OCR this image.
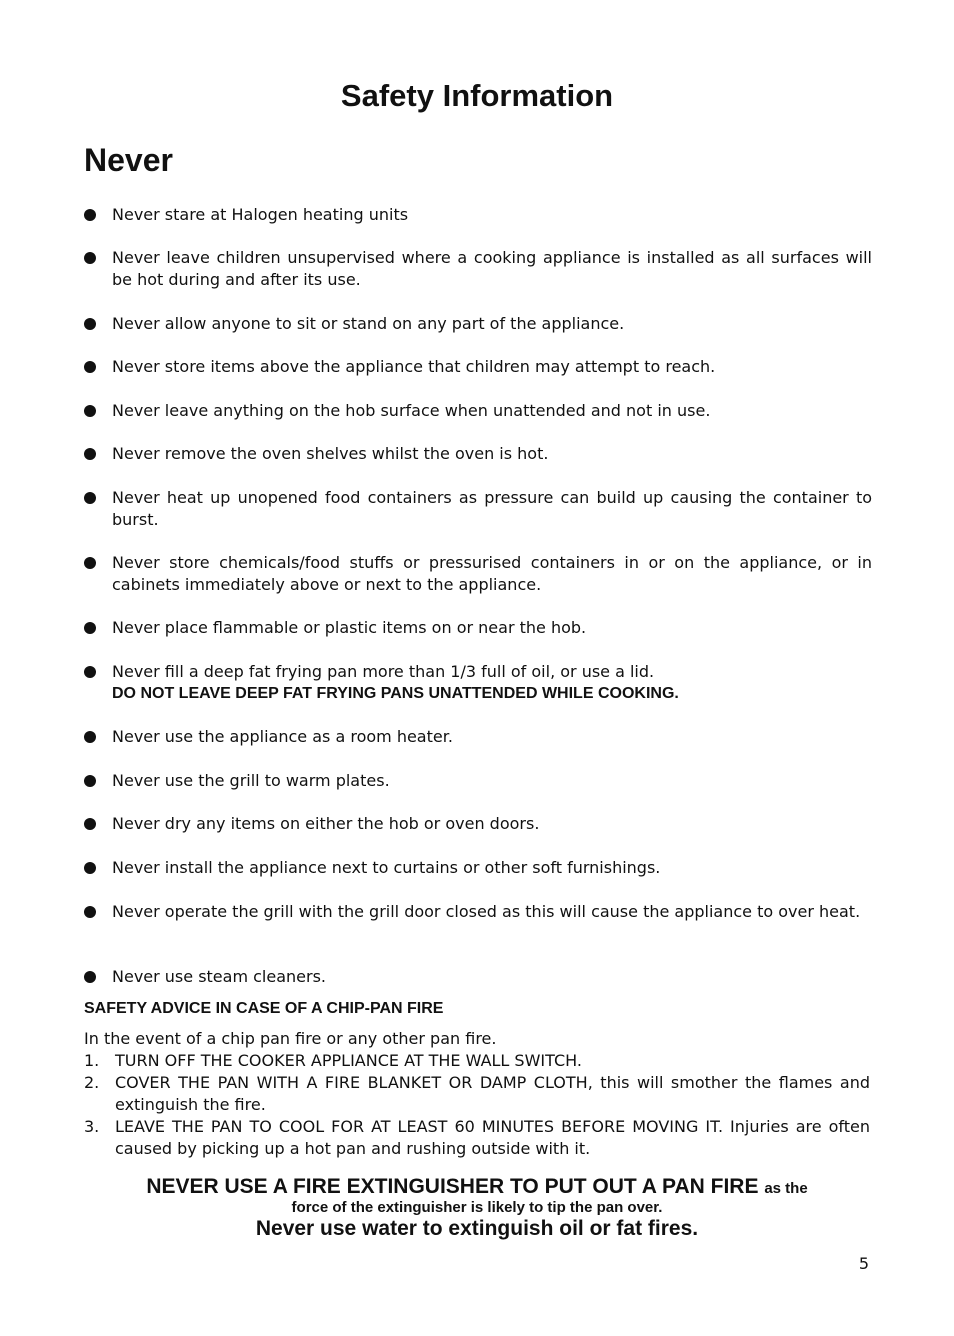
Safety Information
Never
Never stare at Halogen heating units
Never leave children unsupervised where a cooking appliance is installed as all surfaces will be hot during and after its use.
Never allow anyone to sit or stand on any part of the appliance.
Never store items above the appliance that children may attempt to reach.
Never leave anything on the hob surface when unattended and not in use.
Never remove the oven shelves whilst the oven is hot.
Never heat up unopened food containers as pressure can build up causing the container to burst.
Never store chemicals/food stuffs or pressurised containers in or on the appliance, or in cabinets immediately above or next to the appliance.
Never place flammable or plastic items on or near the hob.
Never fill a deep fat frying pan more than 1/3 full of oil, or use a lid.
DO NOT LEAVE DEEP FAT FRYING PANS UNATTENDED WHILE COOKING.
Never use the appliance as a room heater.
Never use the grill to warm plates.
Never dry any items on either the hob or oven doors.
Never install the appliance next to curtains or other soft furnishings.
Never operate the grill with the grill door closed as this will cause the appliance to over heat.
Never use steam cleaners.
SAFETY ADVICE IN CASE OF A CHIP-PAN FIRE
In the event of a chip pan fire or any other pan fire.
1. TURN OFF THE COOKER APPLIANCE AT THE WALL SWITCH.
2. COVER THE PAN WITH A FIRE BLANKET OR DAMP CLOTH, this will smother the flames and extinguish the fire.
3. LEAVE THE PAN TO COOL FOR AT LEAST 60 MINUTES BEFORE MOVING IT. Injuries are often caused by picking up a hot pan and rushing outside with it.
NEVER USE A FIRE EXTINGUISHER TO PUT OUT A PAN FIRE as the
force of the extinguisher is likely to tip the pan over.
Never use water to extinguish oil or fat fires.
5
